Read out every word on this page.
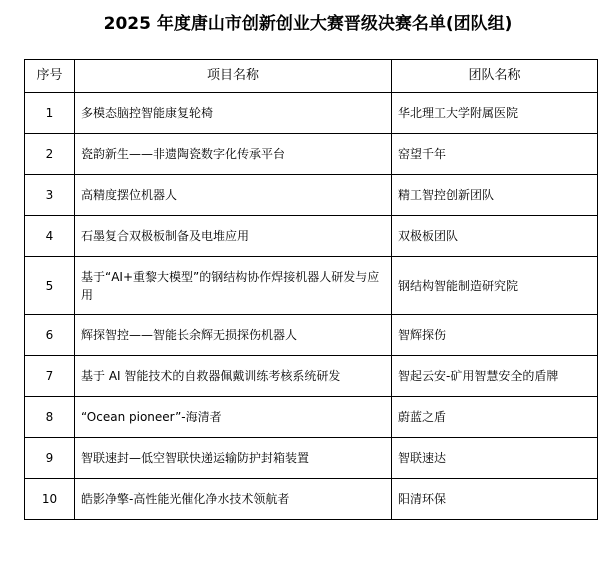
2025 年度唐山市创新创业大赛晋级决赛名单(团队组)
序号	项目名称	团队名称
1	多模态脑控智能康复轮椅	华北理工大学附属医院
2	瓷韵新生——非遗陶瓷数字化传承平台	窑望千年
3	高精度摆位机器人	精工智控创新团队
4	石墨复合双极板制备及电堆应用	双极板团队
5	基于“AI+重黎大模型”的钢结构协作焊接机器人研发与应用	钢结构智能制造研究院
6	辉探智控——智能长余辉无损探伤机器人	智辉探伤
7	基于 AI 智能技术的自救器佩戴训练考核系统研发	智起云安-矿用智慧安全的盾牌
8	“Ocean pioneer”-海清者	蔚蓝之盾
9	智联速封—低空智联快递运输防护封箱装置	智联速达
10	皓影净擎-高性能光催化净水技术领航者	阳清环保
